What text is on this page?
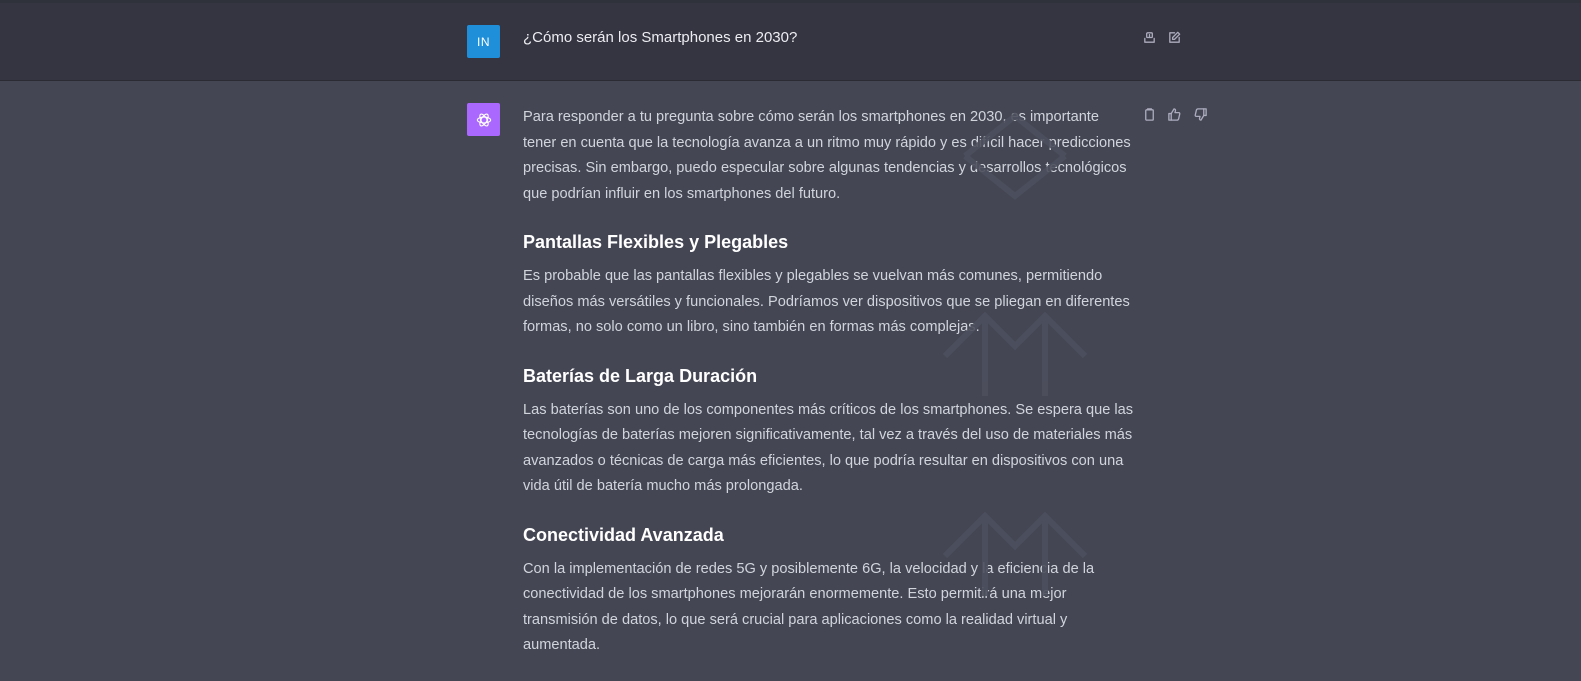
IN	¿Cómo serán los Smartphones en 2030?

Para responder a tu pregunta sobre cómo serán los smartphones en 2030, es importante tener en cuenta que la tecnología avanza a un ritmo muy rápido y es difícil hacer predicciones precisas. Sin embargo, puedo especular sobre algunas tendencias y desarrollos tecnológicos que podrían influir en los smartphones del futuro.

Pantallas Flexibles y Plegables

Es probable que las pantallas flexibles y plegables se vuelvan más comunes, permitiendo diseños más versátiles y funcionales. Podríamos ver dispositivos que se pliegan en diferentes formas, no solo como un libro, sino también en formas más complejas.

Baterías de Larga Duración

Las baterías son uno de los componentes más críticos de los smartphones. Se espera que las tecnologías de baterías mejoren significativamente, tal vez a través del uso de materiales más avanzados o técnicas de carga más eficientes, lo que podría resultar en dispositivos con una vida útil de batería mucho más prolongada.

Conectividad Avanzada

Con la implementación de redes 5G y posiblemente 6G, la velocidad y la eficiencia de la conectividad de los smartphones mejorarán enormemente. Esto permitirá una mejor transmisión de datos, lo que será crucial para aplicaciones como la realidad virtual y aumentada.
